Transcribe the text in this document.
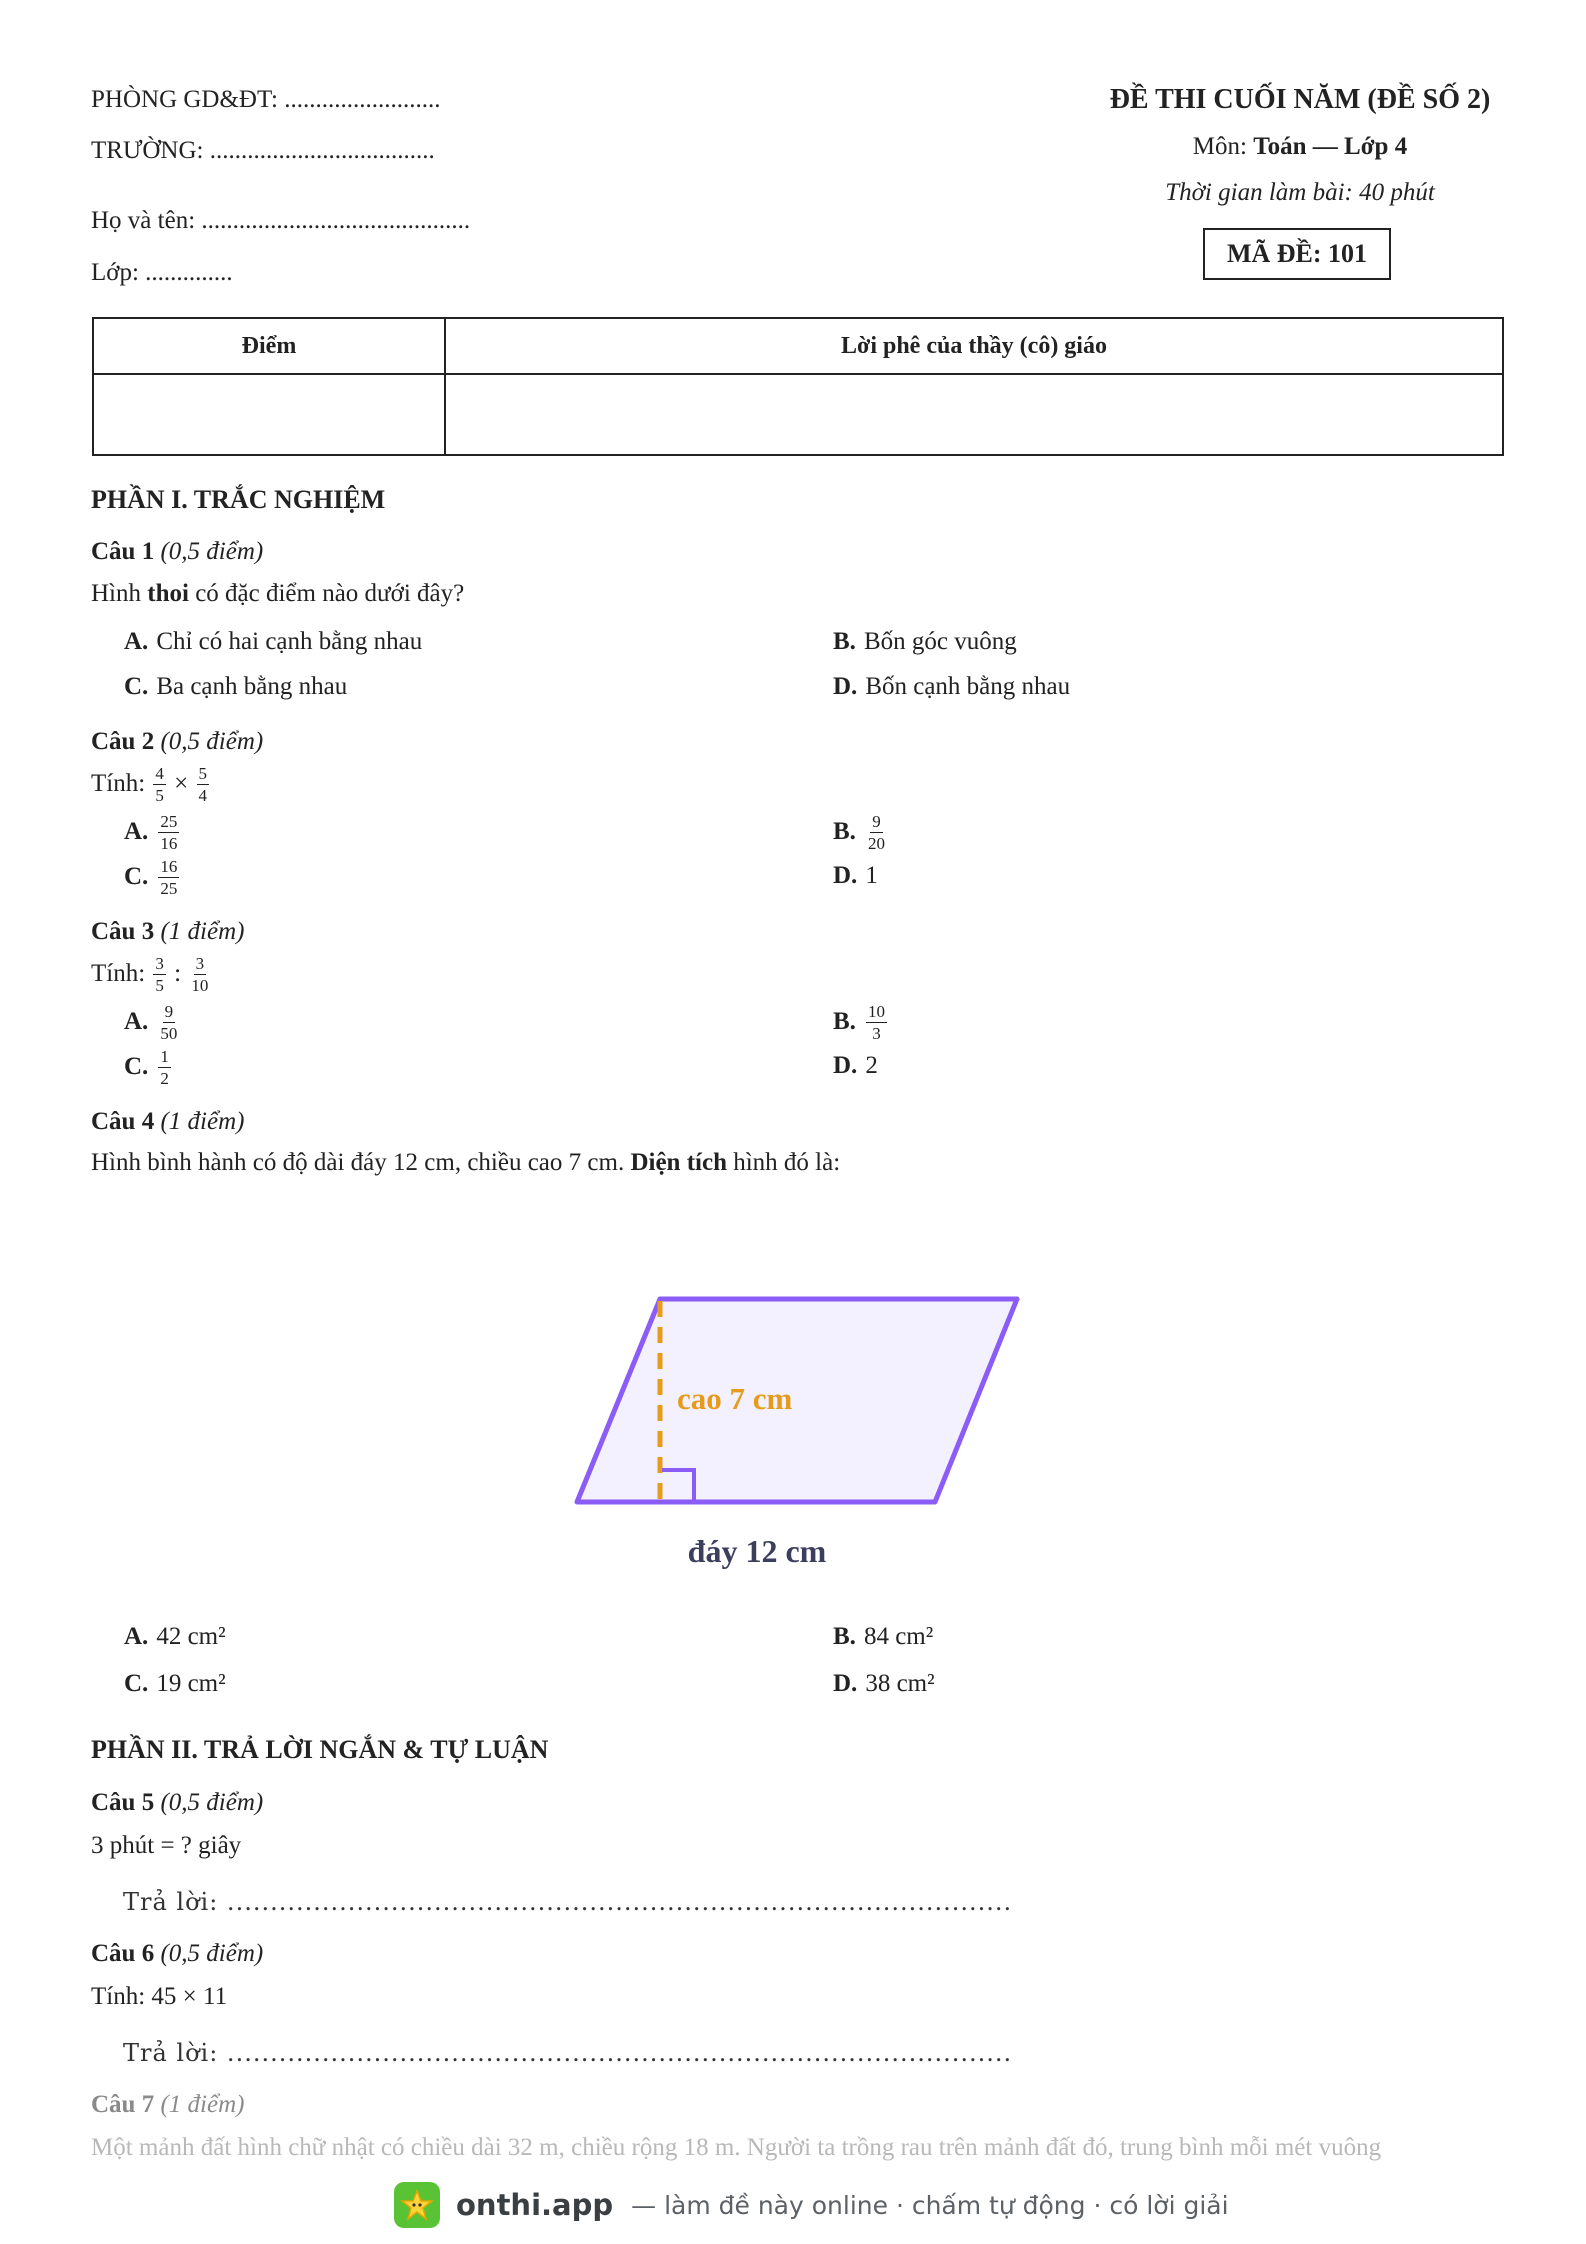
PHÒNG GD&ĐT: .........................
TRƯỜNG: ....................................
Họ và tên: ...........................................
Lớp: ..............
ĐỀ THI CUỐI NĂM (ĐỀ SỐ 2)
Môn: Toán — Lớp 4
Thời gian làm bài: 40 phút
MÃ ĐỀ: 101
Điểm	Lời phê của thầy (cô) giáo

PHẦN I. TRẮC NGHIỆM
Câu 1 (0,5 điểm)
Hình thoi có đặc điểm nào dưới đây?
A. Chỉ có hai cạnh bằng nhau	B. Bốn góc vuông
C. Ba cạnh bằng nhau	D. Bốn cạnh bằng nhau
Câu 2 (0,5 điểm)
Tính: $\frac{4}{5} \times \frac{5}{4}$
A. $\frac{25}{16}$	B. $\frac{9}{20}$
C. $\frac{16}{25}$	D. 1
Câu 3 (1 điểm)
Tính: $\frac{3}{5}$ : $\frac{3}{10}$
A. $\frac{9}{50}$	B. $\frac{10}{3}$
C. $\frac{1}{2}$	D. 2
Câu 4 (1 điểm)
Hình bình hành có độ dài đáy 12 cm, chiều cao 7 cm. Diện tích hình đó là:
cao 7 cm
đáy 12 cm
A. 42 cm²	B. 84 cm²
C. 19 cm²	D. 38 cm²
PHẦN II. TRẢ LỜI NGẮN & TỰ LUẬN
Câu 5 (0,5 điểm)
3 phút = ? giây
Trả lời: ...........................................................................................
Câu 6 (0,5 điểm)
Tính: 45 × 11
Trả lời: ...........................................................................................
Câu 7 (1 điểm)
Một mảnh đất hình chữ nhật có chiều dài 32 m, chiều rộng 18 m. Người ta trồng rau trên mảnh đất đó, trung bình mỗi mét vuông
onthi.app — làm đề này online · chấm tự động · có lời giải
